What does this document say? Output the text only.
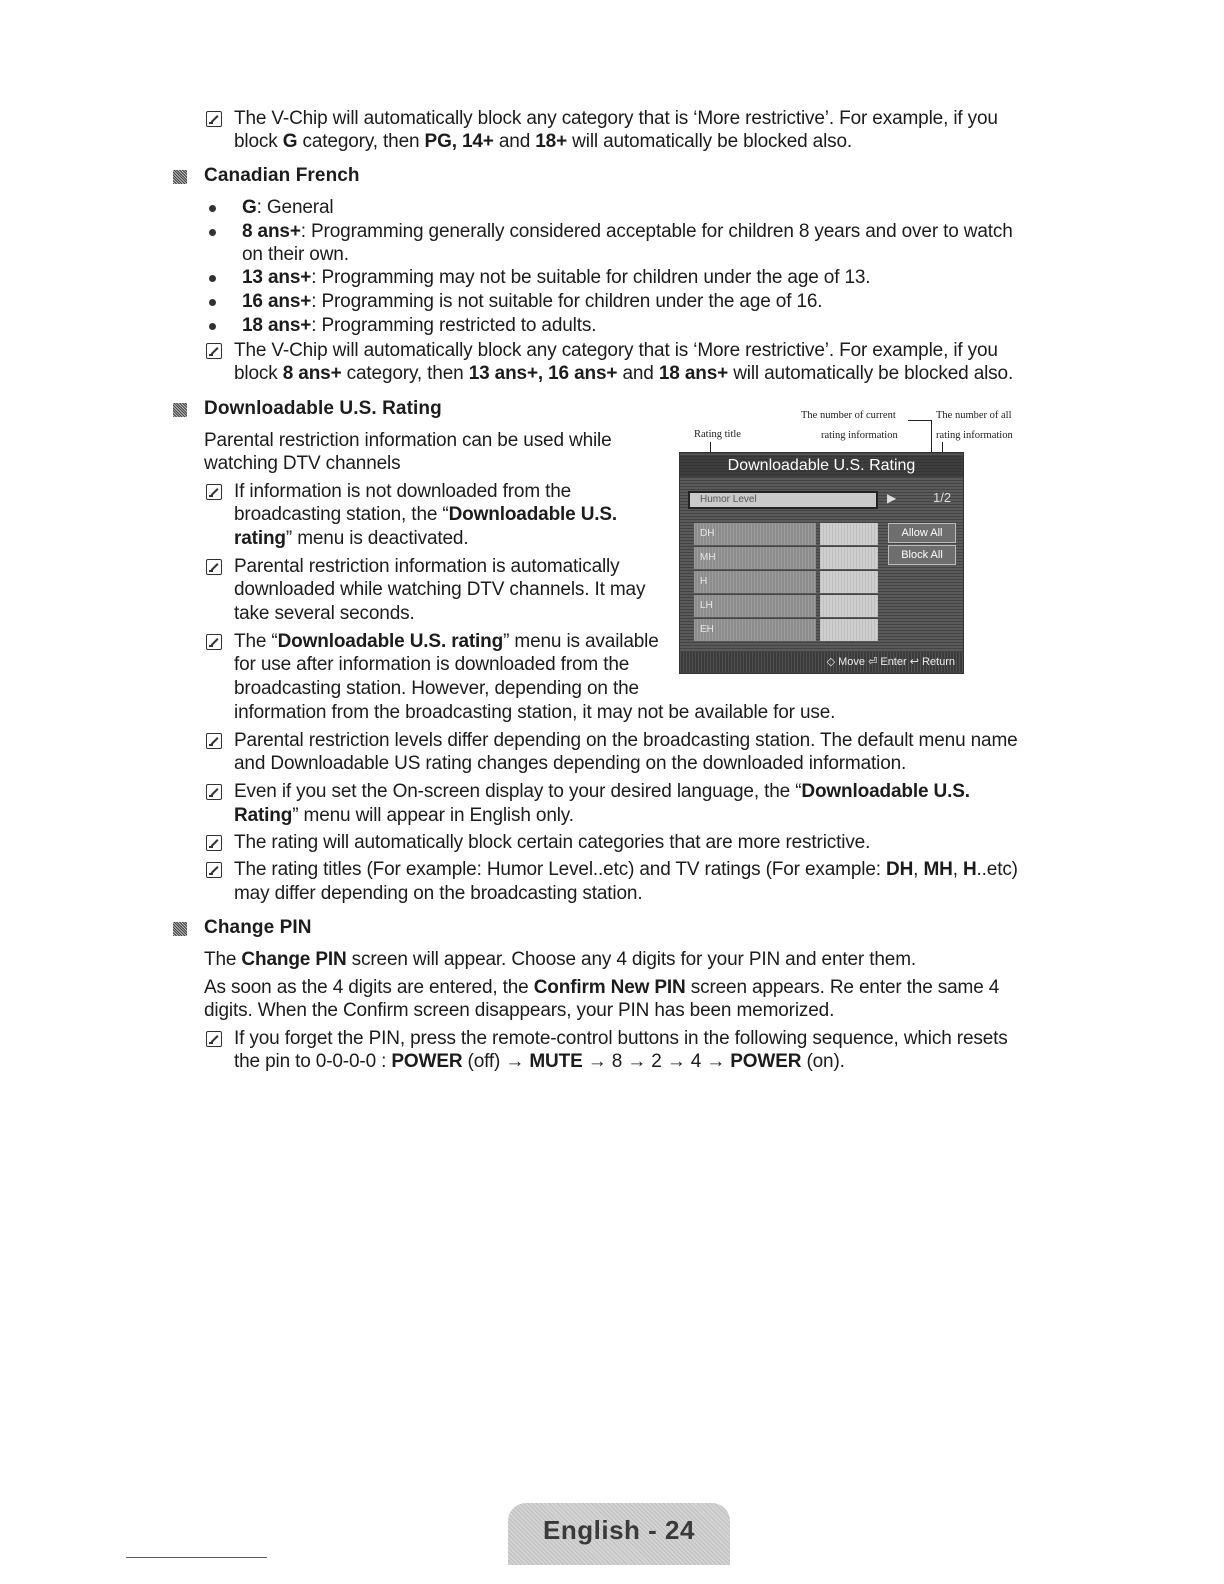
The V-Chip will automatically block any category that is ‘More restrictive’. For example, if you
block G category, then PG, 14+ and 18+ will automatically be blocked also.
Canadian French
G: General
8 ans+: Programming generally considered acceptable for children 8 years and over to watch
on their own.
13 ans+: Programming may not be suitable for children under the age of 13.
16 ans+: Programming is not suitable for children under the age of 16.
18 ans+: Programming restricted to adults.
The V-Chip will automatically block any category that is ‘More restrictive’. For example, if you
block 8 ans+ category, then 13 ans+, 16 ans+ and 18 ans+ will automatically be blocked also.
Downloadable U.S. Rating
Parental restriction information can be used while
watching DTV channels
If information is not downloaded from the
broadcasting station, the “Downloadable U.S.
rating” menu is deactivated.
Parental restriction information is automatically
downloaded while watching DTV channels. It may
take several seconds.
The “Downloadable U.S. rating” menu is available
for use after information is downloaded from the
broadcasting station. However, depending on the
information from the broadcasting station, it may not be available for use.
Parental restriction levels differ depending on the broadcasting station. The default menu name
and Downloadable US rating changes depending on the downloaded information.
Even if you set the On-screen display to your desired language, the “Downloadable U.S.
Rating” menu will appear in English only.
The rating will automatically block certain categories that are more restrictive.
The rating titles (For example: Humor Level..etc) and TV ratings (For example: DH, MH, H..etc)
may differ depending on the broadcasting station.
Rating title
The number of current
rating information
The number of all
rating information
Downloadable U.S. Rating
Humor Level	▶	1/2
DH
MH
H
LH
EH
Allow All
Block All
◇ Move ⏎ Enter ↩ Return
Change PIN
The Change PIN screen will appear. Choose any 4 digits for your PIN and enter them.
As soon as the 4 digits are entered, the Confirm New PIN screen appears. Re enter the same 4
digits. When the Confirm screen disappears, your PIN has been memorized.
If you forget the PIN, press the remote-control buttons in the following sequence, which resets
the pin to 0-0-0-0 : POWER (off) → MUTE → 8 → 2 → 4 → POWER (on).
English - 24
